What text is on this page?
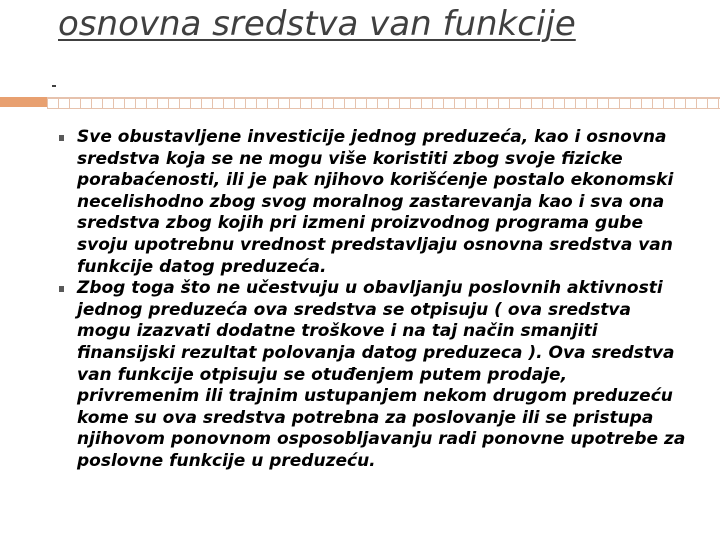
osnovna sredstva van funkcije
Sve obustavljene investicije jednog preduzeća, kao i osnovna sredstva koja se ne mogu više koristiti zbog svoje fizicke porabaćenosti, ili je pak njihovo korišćenje postalo ekonomski necelishodno zbog svog moralnog zastarevanja kao i sva ona sredstva zbog kojih pri izmeni proizvodnog programa gube svoju upotrebnu vrednost predstavljaju osnovna sredstva van funkcije datog preduzeća.
Zbog toga što ne učestvuju u obavljanju poslovnih aktivnosti jednog preduzeća ova sredstva se otpisuju ( ova sredstva mogu izazvati dodatne troškove i na taj način smanjiti finansijski rezultat polovanja datog preduzeca ). Ova sredstva van funkcije otpisuju se otuđenjem putem prodaje, privremenim ili trajnim ustupanjem nekom drugom preduzeću kome su ova sredstva potrebna za poslovanje ili se pristupa njihovom ponovnom osposobljavanju radi ponovne upotrebe za poslovne funkcije u preduzeću.
